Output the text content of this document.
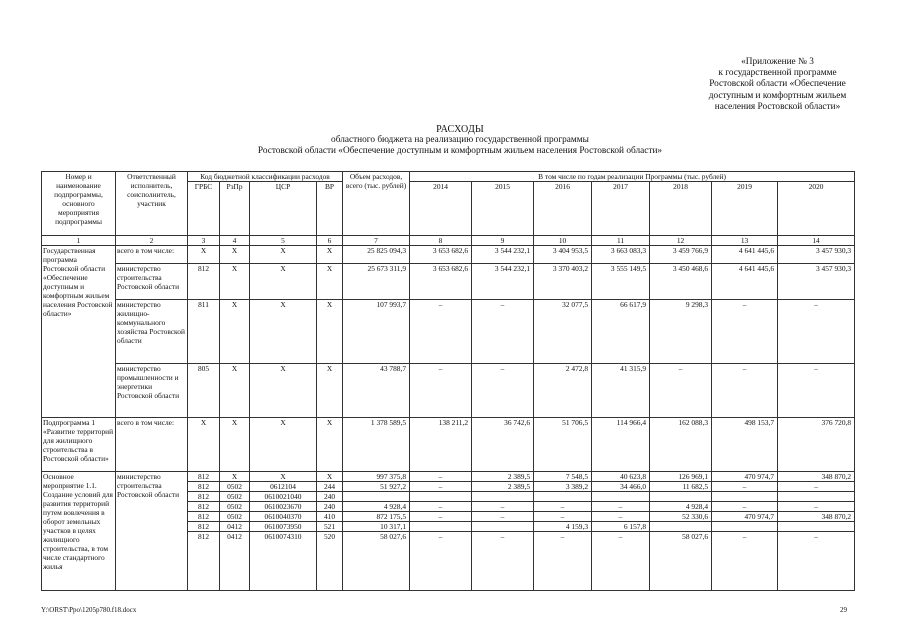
«Приложение № 3
к государственной программе
Ростовской области «Обеспечение
доступным и комфортным жильем
населения Ростовской области»
РАСХОДЫ
областного бюджета на реализацию государственной программы
Ростовской области «Обеспечение доступным и комфортным жильем населения Ростовской области»
Номер и наименование подпрограммы, основного мероприятия подпрограммы	Ответственный исполнитель, соисполнитель, участник	Код бюджетной классификации расходов				Объем расходов, всего (тыс. рублей)	В том числе по годам реализации Программы (тыс. рублей)						
		ГРБС	РзПр	ЦСР	ВР		2014	2015	2016	2017	2018	2019	2020
1	2	3	4	5	6	7	8	9	10	11	12	13	14
Государственная программа Ростовской области «Обеспечение доступным и комфортным жильем населения Ростовской области»	всего в том числе:	X	X	X	X	25 825 094,3	3 653 682,6	3 544 232,1	3 404 953,5	3 663 083,3	3 459 766,9	4 641 445,6	3 457 930,3
	министерство строительства Ростовской области	812	X	X	X	25 673 311,9	3 653 682,6	3 544 232,1	3 370 403,2	3 555 149,5	3 450 468,6	4 641 445,6	3 457 930,3
	министерство жилищно-коммунального хозяйства Ростовской области	811	X	X	X	107 993,7	–	–	32 077,5	66 617,9	9 298,3	–	–
	министерство промышленности и энергетики Ростовской области	805	X	X	X	43 788,7	–	–	2 472,8	41 315,9	–	–	–
Подпрограмма 1 «Развитие территорий для жилищного строительства в Ростовской области»	всего в том числе:	X	X	X	X	1 378 589,5	138 211,2	36 742,6	51 706,5	114 966,4	162 088,3	498 153,7	376 720,8
Основное мероприятие 1.1. Создание условий для развития территорий путем вовлечения в оборот земельных участков в целях жилищного строительства, в том числе стандартного жилья	министерство строительства Ростовской области	812	X	X	X	997 375,8	–	2 389,5	7 548,5	40 623,8	126 969,1	470 974,7	348 870,2
		812	0502	0612104	244	51 927,2	–	2 389,5	3 389,2	34 466,0	11 682,5	–	–
		812	0502	0610021040	240								
		812	0502	0610023670	240	4 928,4	–	–	–	–	4 928,4	–	–
		812	0502	0610040370	410	872 175,5	–	–	–	–	52 330,6	470 974,7	348 870,2
		812	0412	0610073950	521	10 317,1			4 159,3	6 157,8			
		812	0412	0610074310	520	58 027,6	–	–	–	–	58 027,6	–	–
Y:\ORST\Ppo\1205p780.f18.docx	29
